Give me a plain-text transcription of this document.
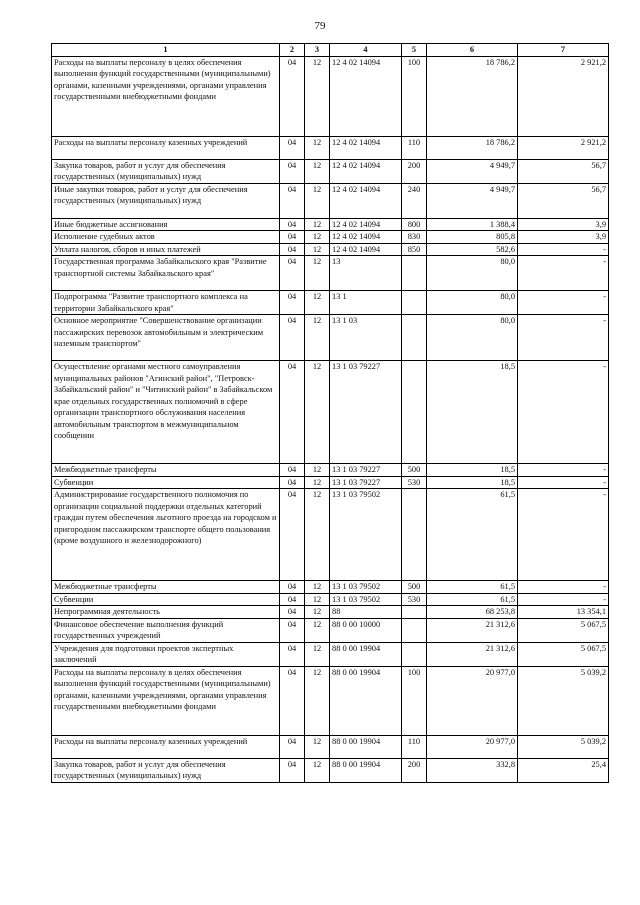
79
1	2	3	4	5	6	7
Расходы на выплаты персоналу в целях обеспечения выполнения функций государственными (муниципальными) органами, казенными учреждениями, органами управления государственными внебюджетными фондами	04	12	12 4 02 14094	100	18 786,2	2 921,2
Расходы на выплаты персоналу казенных учреждений	04	12	12 4 02 14094	110	18 786,2	2 921,2
Закупка товаров, работ и услуг для обеспечения государственных (муниципальных) нужд	04	12	12 4 02 14094	200	4 949,7	56,7
Иные закупки товаров, работ и услуг для обеспечения государственных (муниципальных) нужд	04	12	12 4 02 14094	240	4 949,7	56,7
Иные бюджетные ассигнования	04	12	12 4 02 14094	800	1 388,4	3,9
Исполнение судебных актов	04	12	12 4 02 14094	830	805,8	3,9
Уплата налогов, сборов и иных платежей	04	12	12 4 02 14094	850	582,6	-
Государственная программа Забайкальского края "Развитие транспортной системы Забайкальского края"	04	12	13		80,0	-
Подпрограмма "Развитие транспортного комплекса на территории Забайкальского края"	04	12	13 1		80,0	-
Основное мероприятие "Совершенствование организации пассажирских перевозок автомобильным и электрическим наземным транспортом"	04	12	13 1 03		80,0	-
Осуществление органами местного самоуправления муниципальных районов "Агинский район", "Петровск-Забайкальский район" и "Читинский район" в Забайкальском крае отдельных государственных полномочий в сфере организации транспортного обслуживания населения автомобильным транспортом в межмуниципальном сообщении	04	12	13 1 03 79227		18,5	-
Межбюджетные трансферты	04	12	13 1 03 79227	500	18,5	-
Субвенции	04	12	13 1 03 79227	530	18,5	-
Администрирование государственного полномочия по организации социальной поддержки отдельных категорий граждан путем обеспечения льготного проезда на городском и пригородном пассажирском транспорте общего пользования (кроме воздушного и железнодорожного)	04	12	13 1 03 79502		61,5	-
Межбюджетные трансферты	04	12	13 1 03 79502	500	61,5	-
Субвенции	04	12	13 1 03 79502	530	61,5	-
Непрограммная деятельность	04	12	88		68 253,8	13 354,1
Финансовое обеспечение выполнения функций государственных учреждений	04	12	88 0 00 10000		21 312,6	5 067,5
Учреждения для подготовки проектов экспертных заключений	04	12	88 0 00 19904		21 312,6	5 067,5
Расходы на выплаты персоналу в целях обеспечения выполнения функций государственными (муниципальными) органами, казенными учреждениями, органами управления государственными внебюджетными фондами	04	12	88 0 00 19904	100	20 977,0	5 039,2
Расходы на выплаты персоналу казенных учреждений	04	12	88 0 00 19904	110	20 977,0	5 039,2
Закупка товаров, работ и услуг для обеспечения государственных (муниципальных) нужд	04	12	88 0 00 19904	200	332,8	25,4
